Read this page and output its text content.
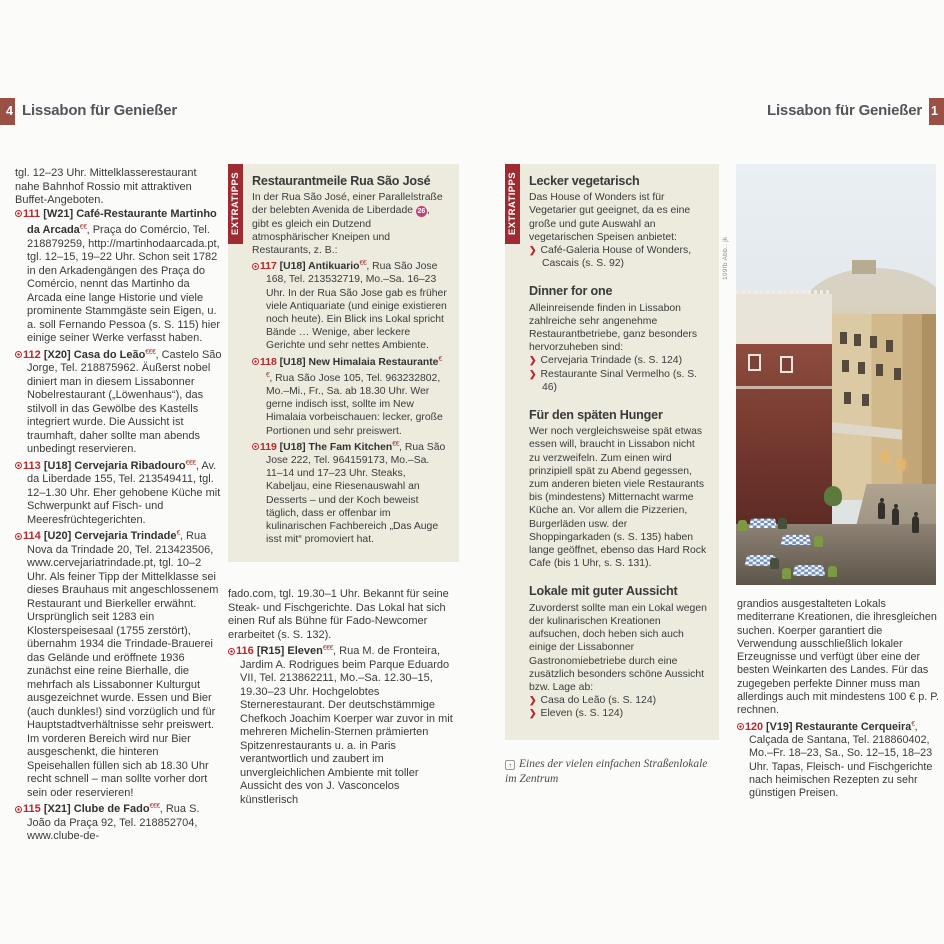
4 Lissabon für Genießer	Lissabon für Genießer 1

tgl. 12–23 Uhr. Mittelklasserestaurant nahe Bahnhof Rossio mit attraktiven Buffet-Angeboten.

111 [W21] Café-Restaurante Martinho da Arcada€€, Praça do Comércio, Tel. 218879259, http://martinhodaarcada.pt, tgl. 12–15, 19–22 Uhr. Schon seit 1782 in den Arkadengängen des Praça do Comércio, nennt das Martinho da Arcada eine lange Historie und viele prominente Stammgäste sein Eigen, u. a. soll Fernando Pessoa (s. S. 115) hier einige seiner Werke verfasst haben.

112 [X20] Casa do Leão€€€, Castelo São Jorge, Tel. 218875962. Äußerst nobel diniert man in diesem Lissabonner Nobelrestaurant („Löwenhaus“), das stilvoll in das Gewölbe des Kastells integriert wurde. Die Aussicht ist traumhaft, daher sollte man abends unbedingt reservieren.

113 [U18] Cervejaria Ribadouro€€€, Av. da Liberdade 155, Tel. 213549411, tgl. 12–1.30 Uhr. Eher gehobene Küche mit Schwerpunkt auf Fisch- und Meeresfrüchtegerichten.

114 [U20] Cervejaria Trindade€, Rua Nova da Trindade 20, Tel. 213423506, www.cervejariatrindade.pt, tgl. 10–2 Uhr. Als feiner Tipp der Mittelklasse sei dieses Brauhaus mit angeschlossenem Restaurant und Bierkeller erwähnt. Ursprünglich seit 1283 ein Klosterspeisesaal (1755 zerstört), übernahm 1934 die Trindade-Brauerei das Gelände und eröffnete 1936 zunächst eine reine Bierhalle, die mehrfach als Lissabonner Kulturgut ausgezeichnet wurde. Essen und Bier (auch dunkles!) sind vorzüglich und für Hauptstadtverhältnisse sehr preiswert. Im vorderen Bereich wird nur Bier ausgeschenkt, die hinteren Speisehallen füllen sich ab 18.30 Uhr recht schnell – man sollte vorher dort sein oder reservieren!

115 [X21] Clube de Fado€€€, Rua S. João da Praça 92, Tel. 218852704, www.clube-de-

EXTRATIPPS Restaurantmeile Rua São José

In der Rua São José, einer Parallelstraße der belebten Avenida de Liberdade 26 , gibt es gleich ein Dutzend atmosphärischer Kneipen und Restaurants, z. B.:

117 [U18] Antikuario€€, Rua São Jose 168, Tel. 213532719, Mo.–Sa. 16–23 Uhr. In der Rua São Jose gab es früher viele Antiquariate (und einige existieren noch heute). Ein Blick ins Lokal spricht Bände … Wenige, aber leckere Gerichte und sehr nettes Ambiente.

118 [U18] New Himalaia Restaurante€€, Rua São Jose 105, Tel. 963232802, Mo.–Mi., Fr., Sa. ab 18.30 Uhr. Wer gerne indisch isst, sollte im New Himalaia vorbeischauen: lecker, große Portionen und sehr preiswert.

119 [U18] The Fam Kitchen€€, Rua São Jose 222, Tel. 964159173, Mo.–Sa. 11–14 und 17–23 Uhr. Steaks, Kabeljau, eine Riesenauswahl an Desserts – und der Koch beweist täglich, dass er offenbar im kulinarischen Fachbereich „Das Auge isst mit“ promoviert hat.

fado.com, tgl. 19.30–1 Uhr. Bekannt für seine Steak- und Fischgerichte. Das Lokal hat sich einen Ruf als Bühne für Fado-Newcomer erarbeitet (s. S. 132).

116 [R15] Eleven€€€, Rua M. de Fronteira, Jardim A. Rodrigues beim Parque Eduardo VII, Tel. 213862211, Mo.–Sa. 12.30–15, 19.30–23 Uhr. Hochgelobtes Sternerestaurant. Der deutschstämmige Chefkoch Joachim Koerper war zuvor in mit mehreren Michelin-Sternen prämierten Spitzenrestaurants u. a. in Paris verantwortlich und zaubert im unvergleichlichen Ambiente mit toller Aussicht des von J. Vasconcelos künstlerisch

EXTRATIPPS Lecker vegetarisch

Das House of Wonders ist für Vegetarier gut geeignet, da es eine große und gute Auswahl an vegetarischen Speisen anbietet:

❯ Café-Galeria House of Wonders, Cascais (s. S. 92)
Dinner for one

Alleinreisende finden in Lissabon zahlreiche sehr angenehme Restaurantbetriebe, ganz besonders hervorzuheben sind:

❯ Cervejaria Trindade (s. S. 124)
❯ Restaurante Sinal Vermelho (s. S. 46)
Für den späten Hunger

Wer noch vergleichsweise spät etwas essen will, braucht in Lissabon nicht zu verzweifeln. Zum einen wird prinzipiell spät zu Abend gegessen, zum anderen bieten viele Restaurants bis (mindestens) Mitternacht warme Küche an. Vor allem die Pizzerien, Burgerläden usw. der Shoppingarkaden (s. S. 135) haben lange geöffnet, ebenso das Hard Rock Cafe (bis 1 Uhr, s. S. 131).

Lokale mit guter Aussicht

Zuvorderst sollte man ein Lokal wegen der kulinarischen Kreationen aufsuchen, doch heben sich auch einige der Lissabonner Gastronomiebetriebe durch eine zusätzlich besonders schöne Aussicht bzw. Lage ab:

❯ Casa do Leão (s. S. 124)
❯ Eleven (s. S. 124)
↑ Eines der vielen einfachen Straßenlokale im Zentrum
109fb Abb.: jk

grandios ausgestalteten Lokals mediterrane Kreationen, die ihresgleichen suchen. Koerper garantiert die Verwendung ausschließlich lokaler Erzeugnisse und verfügt über eine der besten Weinkarten des Landes. Für das zugegeben perfekte Dinner muss man allerdings auch mit mindestens 100 € p. P. rechnen.

120 [V19] Restaurante Cerqueira€, Calçada de Santana, Tel. 218860402, Mo.–Fr. 18–23, Sa., So. 12–15, 18–23 Uhr. Tapas, Fleisch- und Fischgerichte nach heimischen Rezepten zu sehr günstigen Preisen.
